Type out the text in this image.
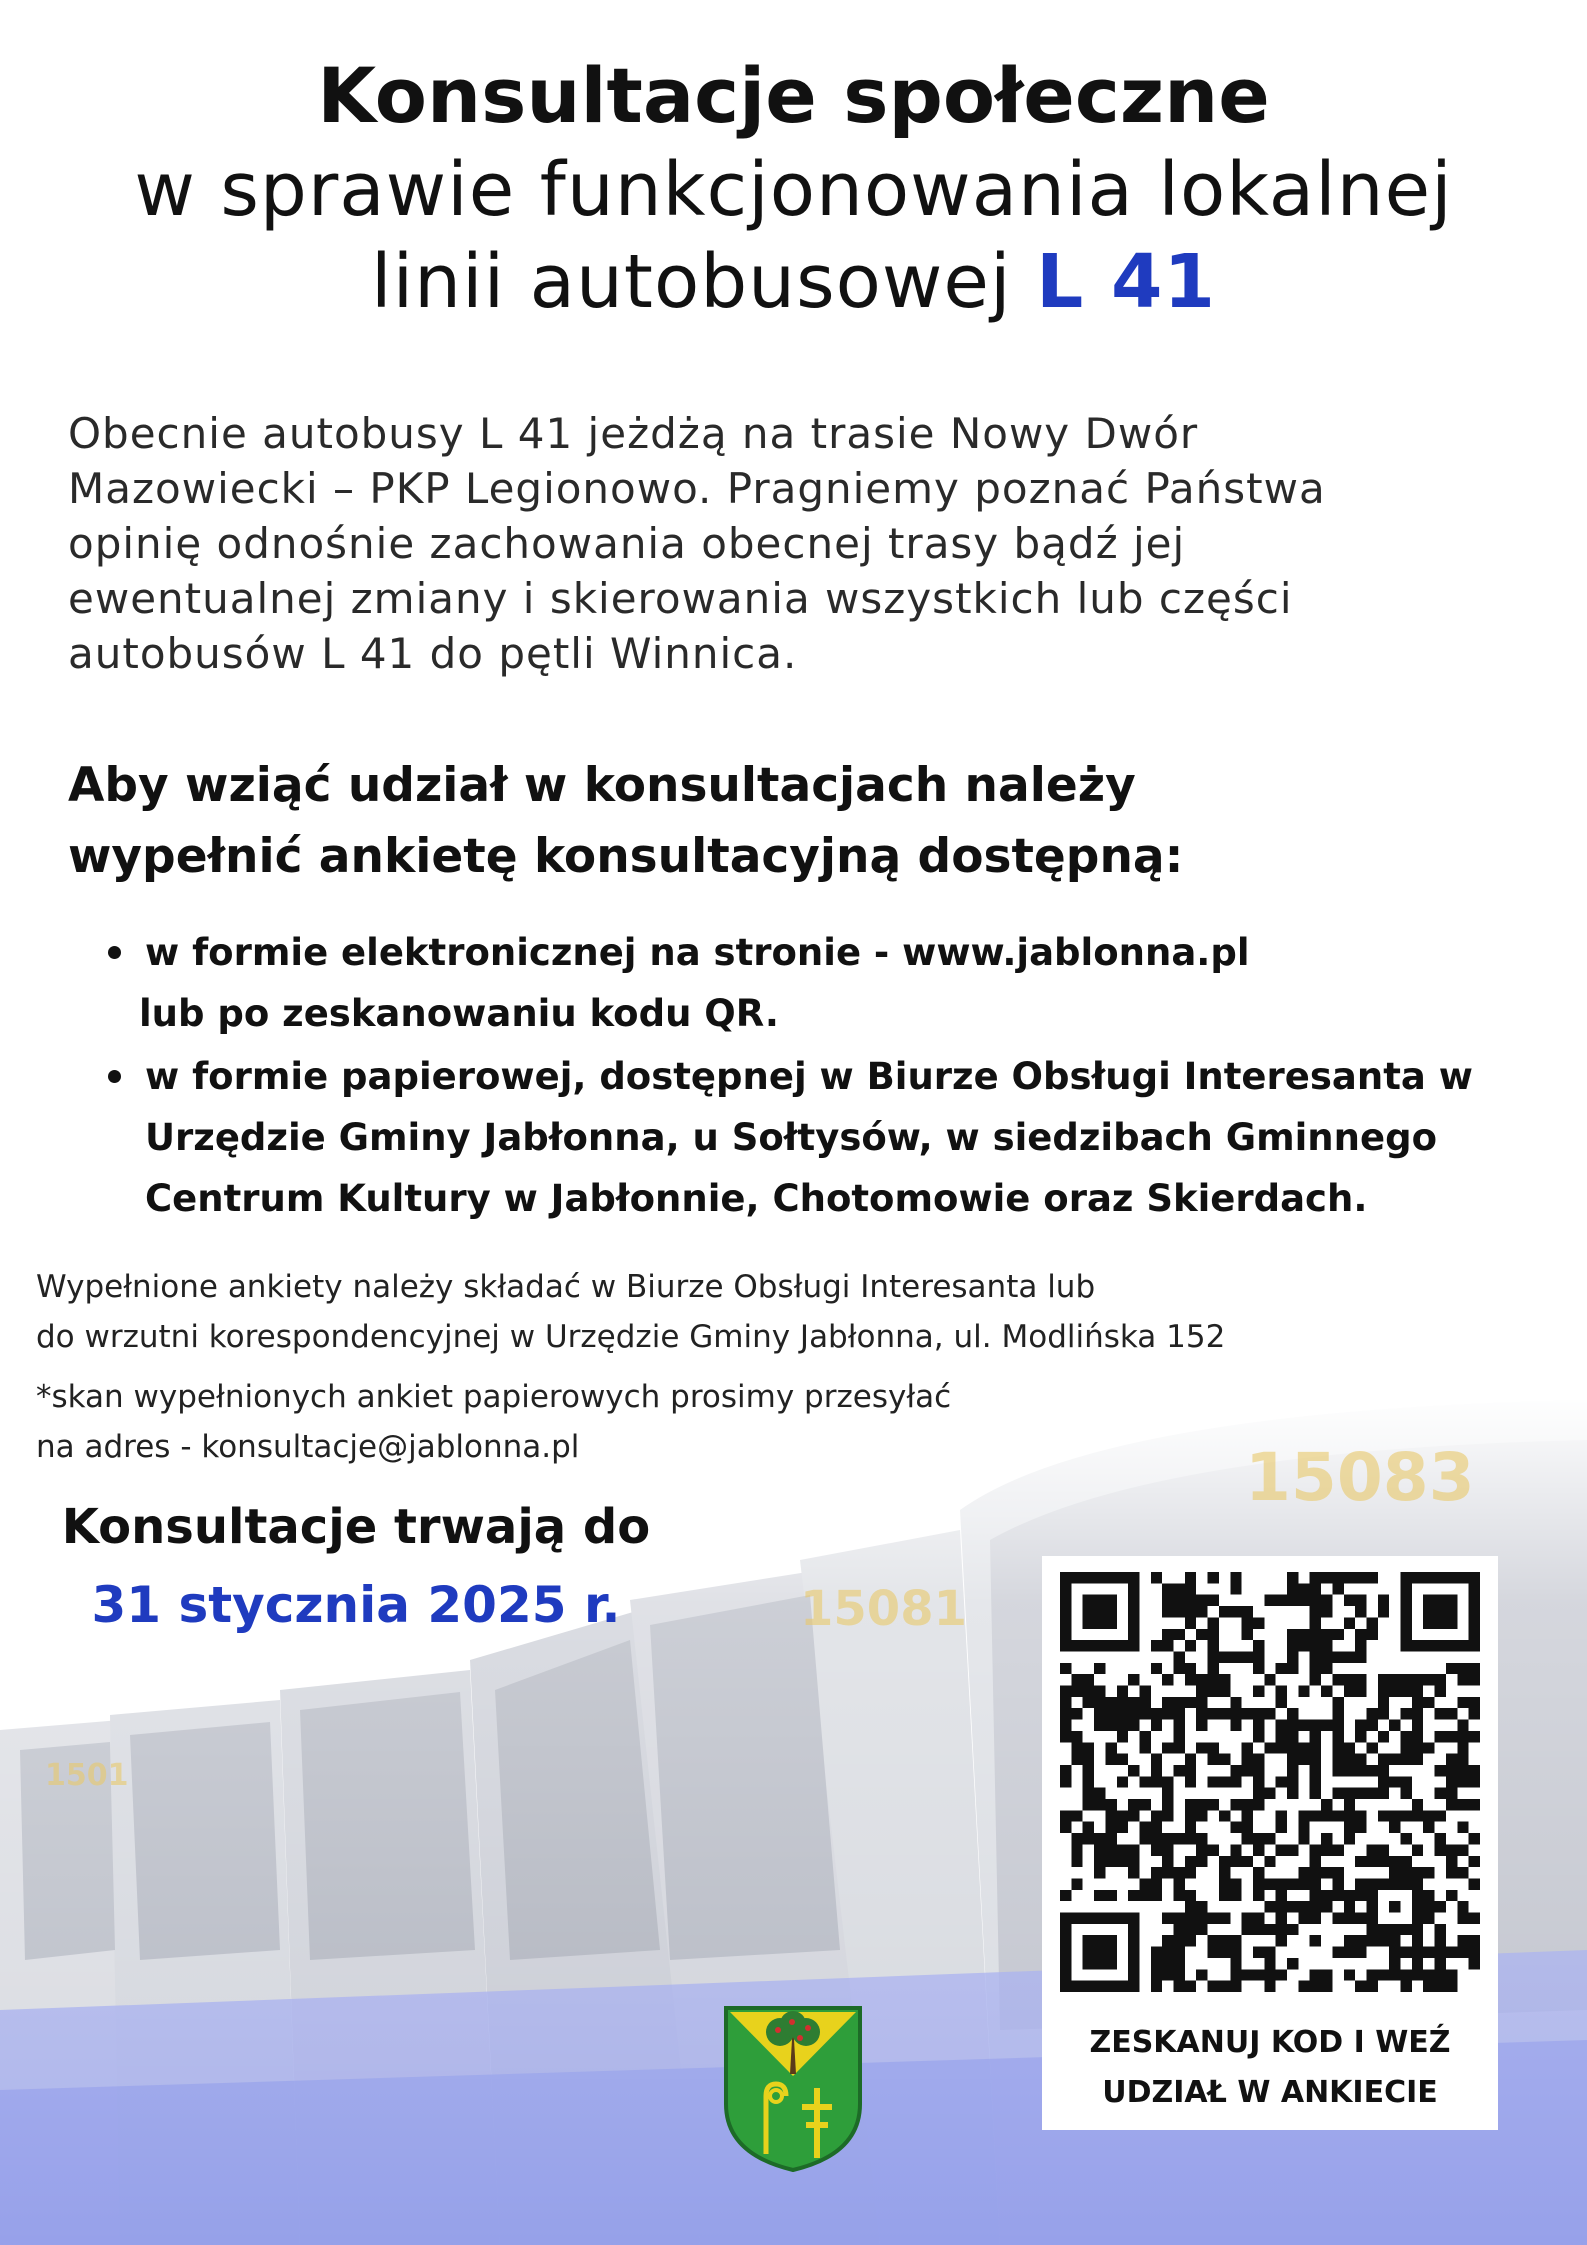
15083
15081
1501
Konsultacje społeczne
w sprawie funkcjonowania lokalnej
linii autobusowej L 41
Obecnie autobusy L 41 jeżdżą na trasie Nowy Dwór
Mazowiecki – PKP Legionowo. Pragniemy poznać Państwa
opinię odnośnie zachowania obecnej trasy bądź jej
ewentualnej zmiany i skierowania wszystkich lub części
autobusów L 41 do pętli Winnica.
Aby wziąć udział w konsultacjach należy
wypełnić ankietę konsultacyjną dostępną:
w formie elektronicznej na stronie - www.jablonna.pl
lub po zeskanowaniu kodu QR.
w formie papierowej, dostępnej w Biurze Obsługi Interesanta w
Urzędzie Gminy Jabłonna, u Sołtysów, w siedzibach Gminnego
Centrum Kultury w Jabłonnie, Chotomowie oraz Skierdach.
Wypełnione ankiety należy składać w Biurze Obsługi Interesanta lub
do wrzutni korespondencyjnej w Urzędzie Gminy Jabłonna, ul. Modlińska 152
*skan wypełnionych ankiet papierowych prosimy przesyłać
na adres - konsultacje@jablonna.pl
Konsultacje trwają do
31 stycznia 2025 r.
ZESKANUJ KOD I WEŹ
UDZIAŁ W ANKIECIE
